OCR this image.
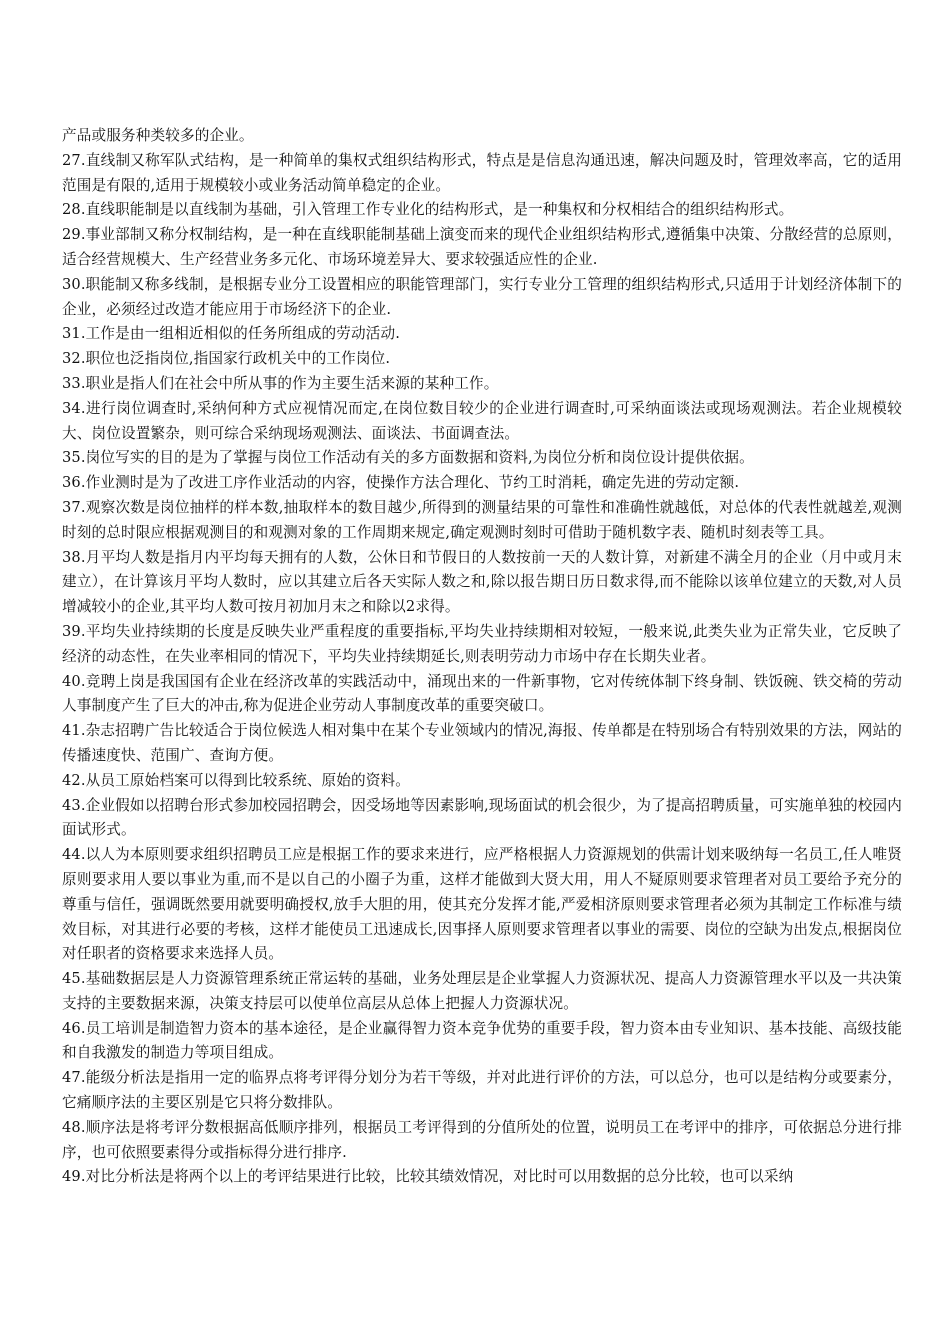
产品或服务种类较多的企业。

27.直线制又称军队式结构，是一种简单的集权式组织结构形式，特点是是信息沟通迅速，解决问题及时，管理效率高，它的适用范围是有限的,适用于规模较小或业务活动简单稳定的企业。

28.直线职能制是以直线制为基础，引入管理工作专业化的结构形式，是一种集权和分权相结合的组织结构形式。

29.事业部制又称分权制结构，是一种在直线职能制基础上演变而来的现代企业组织结构形式,遵循集中决策、分散经营的总原则，适合经营规模大、生产经营业务多元化、市场环境差异大、要求较强适应性的企业.

30.职能制又称多线制，是根据专业分工设置相应的职能管理部门，实行专业分工管理的组织结构形式,只适用于计划经济体制下的企业，必须经过改造才能应用于市场经济下的企业.

31.工作是由一组相近相似的任务所组成的劳动活动.

32.职位也泛指岗位,指国家行政机关中的工作岗位.

33.职业是指人们在社会中所从事的作为主要生活来源的某种工作。

34.进行岗位调查时,采纳何种方式应视情况而定,在岗位数目较少的企业进行调查时,可采纳面谈法或现场观测法。若企业规模较大、岗位设置繁杂，则可综合采纳现场观测法、面谈法、书面调查法。

35.岗位写实的目的是为了掌握与岗位工作活动有关的多方面数据和资料,为岗位分析和岗位设计提供依据。

36.作业测时是为了改进工序作业活动的内容，使操作方法合理化、节约工时消耗，确定先进的劳动定额.

37.观察次数是岗位抽样的样本数,抽取样本的数目越少,所得到的测量结果的可靠性和准确性就越低，对总体的代表性就越差,观测时刻的总时限应根据观测目的和观测对象的工作周期来规定,确定观测时刻时可借助于随机数字表、随机时刻表等工具。

38.月平均人数是指月内平均每天拥有的人数，公休日和节假日的人数按前一天的人数计算，对新建不满全月的企业（月中或月末建立），在计算该月平均人数时，应以其建立后各天实际人数之和,除以报告期日历日数求得,而不能除以该单位建立的天数,对人员增减较小的企业,其平均人数可按月初加月末之和除以2求得。

39.平均失业持续期的长度是反映失业严重程度的重要指标,平均失业持续期相对较短，一般来说,此类失业为正常失业，它反映了经济的动态性，在失业率相同的情况下，平均失业持续期延长,则表明劳动力市场中存在长期失业者。

40.竞聘上岗是我国国有企业在经济改革的实践活动中，涌现出来的一件新事物，它对传统体制下终身制、铁饭碗、铁交椅的劳动人事制度产生了巨大的冲击,称为促进企业劳动人事制度改革的重要突破口。

41.杂志招聘广告比较适合于岗位候选人相对集中在某个专业领域内的情况,海报、传单都是在特别场合有特别效果的方法，网站的传播速度快、范围广、查询方便。

42.从员工原始档案可以得到比较系统、原始的资料。

43.企业假如以招聘台形式参加校园招聘会，因受场地等因素影响,现场面试的机会很少，为了提高招聘质量，可实施单独的校园内面试形式。

44.以人为本原则要求组织招聘员工应是根据工作的要求来进行，应严格根据人力资源规划的供需计划来吸纳每一名员工,任人唯贤原则要求用人要以事业为重,而不是以自己的小圈子为重，这样才能做到大贤大用，用人不疑原则要求管理者对员工要给予充分的尊重与信任，强调既然要用就要明确授权,放手大胆的用，使其充分发挥才能,严爱相济原则要求管理者必须为其制定工作标准与绩效目标，对其进行必要的考核，这样才能使员工迅速成长,因事择人原则要求管理者以事业的需要、岗位的空缺为出发点,根据岗位对任职者的资格要求来选择人员。

45.基础数据层是人力资源管理系统正常运转的基础，业务处理层是企业掌握人力资源状况、提高人力资源管理水平以及一共决策支持的主要数据来源，决策支持层可以使单位高层从总体上把握人力资源状况。

46.员工培训是制造智力资本的基本途径，是企业赢得智力资本竞争优势的重要手段，智力资本由专业知识、基本技能、高级技能和自我激发的制造力等项目组成。

47.能级分析法是指用一定的临界点将考评得分划分为若干等级，并对此进行评价的方法，可以总分，也可以是结构分或要素分，它痛顺序法的主要区别是它只将分数排队。

48.顺序法是将考评分数根据高低顺序排列，根据员工考评得到的分值所处的位置，说明员工在考评中的排序，可依据总分进行排序，也可依照要素得分或指标得分进行排序.

49.对比分析法是将两个以上的考评结果进行比较，比较其绩效情况，对比时可以用数据的总分比较，也可以采纳
